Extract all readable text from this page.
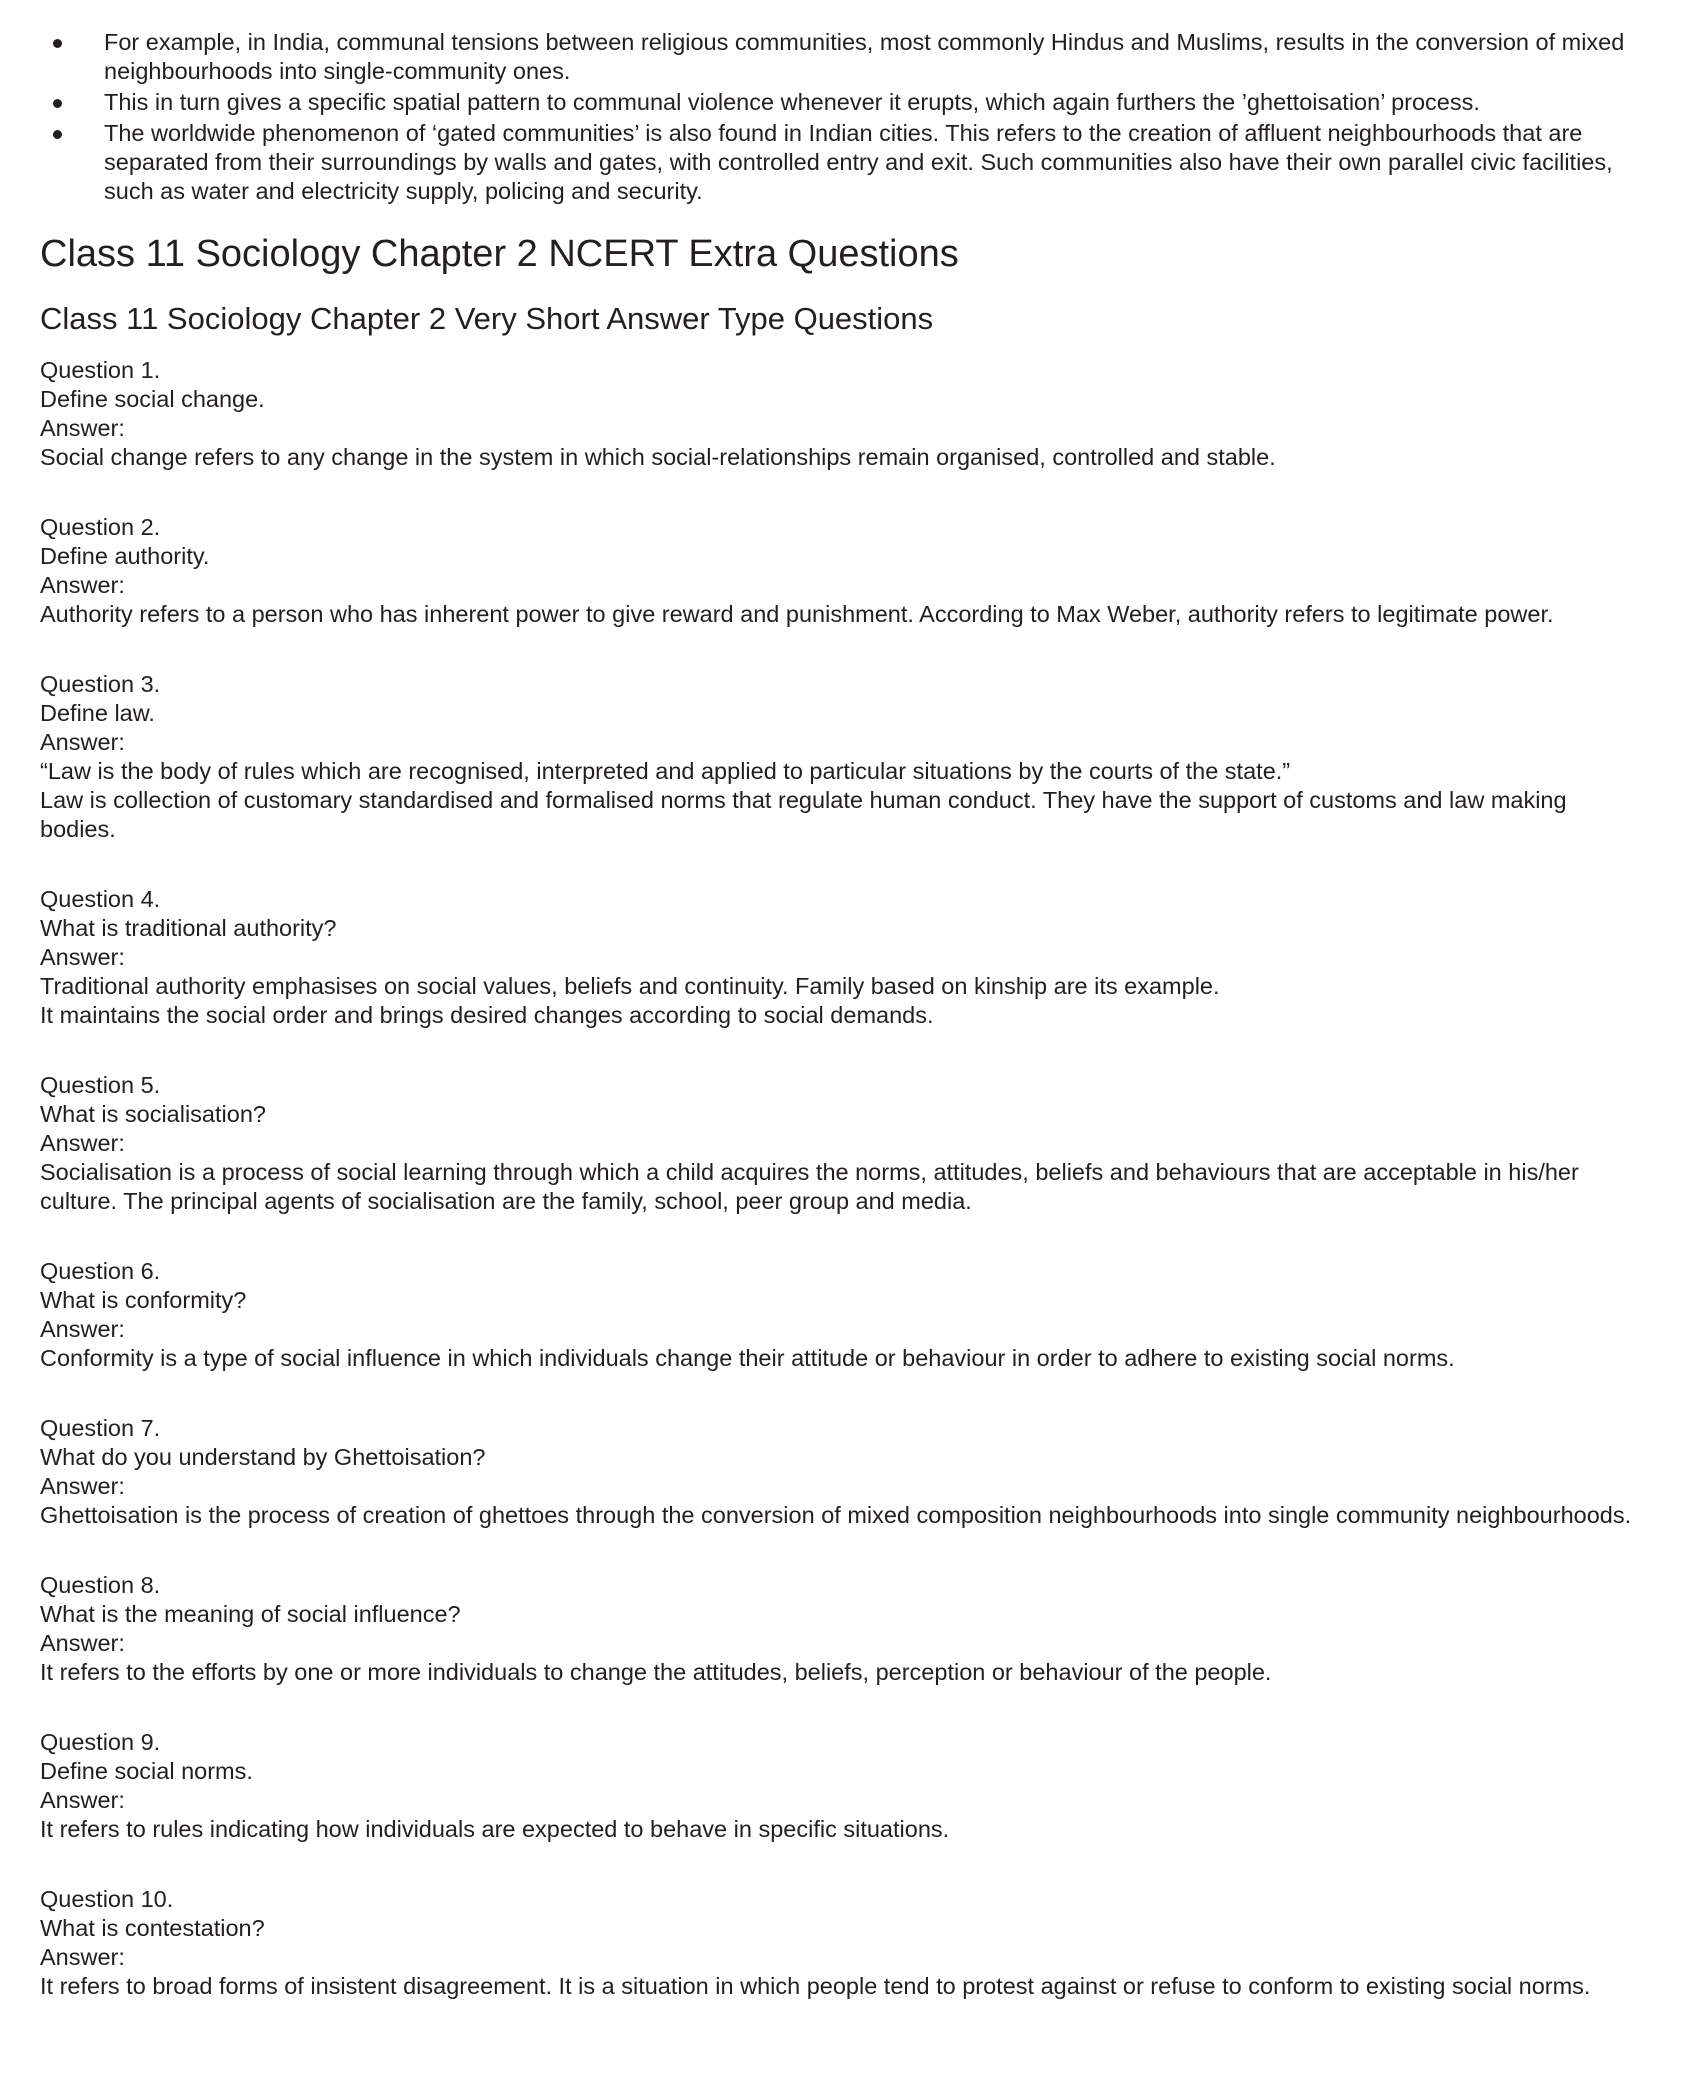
For example, in India, communal tensions between religious communities, most commonly Hindus and Muslims, results in the conversion of mixed neighbourhoods into single-community ones.
This in turn gives a specific spatial pattern to communal violence whenever it erupts, which again furthers the ’ghettoisation’ process.
The worldwide phenomenon of ‘gated communities’ is also found in Indian cities. This refers to the creation of affluent neighbourhoods that are separated from their surroundings by walls and gates, with controlled entry and exit. Such communities also have their own parallel civic facilities, such as water and electricity supply, policing and security.
Class 11 Sociology Chapter 2 NCERT Extra Questions
Class 11 Sociology Chapter 2 Very Short Answer Type Questions

Question 1.

Define social change.

Answer:

Social change refers to any change in the system in which social-relationships remain organised, controlled and stable.

Question 2.

Define authority.

Answer:

Authority refers to a person who has inherent power to give reward and punishment. According to Max Weber, authority refers to legitimate power.

Question 3.

Define law.

Answer:

“Law is the body of rules which are recognised, interpreted and applied to particular situations by the courts of the state.”

Law is collection of customary standardised and formalised norms that regulate human conduct. They have the support of customs and law making bodies.

Question 4.

What is traditional authority?

Answer:

Traditional authority emphasises on social values, beliefs and continuity. Family based on kinship are its example.

It maintains the social order and brings desired changes according to social demands.

Question 5.

What is socialisation?

Answer:

Socialisation is a process of social learning through which a child acquires the norms, attitudes, beliefs and behaviours that are acceptable in his/her culture. The principal agents of socialisation are the family, school, peer group and media.

Question 6.

What is conformity?

Answer:

Conformity is a type of social influence in which individuals change their attitude or behaviour in order to adhere to existing social norms.

Question 7.

What do you understand by Ghettoisation?

Answer:

Ghettoisation is the process of creation of ghettoes through the conversion of mixed composition neighbourhoods into single community neighbourhoods.

Question 8.

What is the meaning of social influence?

Answer:

It refers to the efforts by one or more individuals to change the attitudes, beliefs, perception or behaviour of the people.

Question 9.

Define social norms.

Answer:

It refers to rules indicating how individuals are expected to behave in specific situations.

Question 10.

What is contestation?

Answer:

It refers to broad forms of insistent disagreement. It is a situation in which people tend to protest against or refuse to conform to existing social norms.
